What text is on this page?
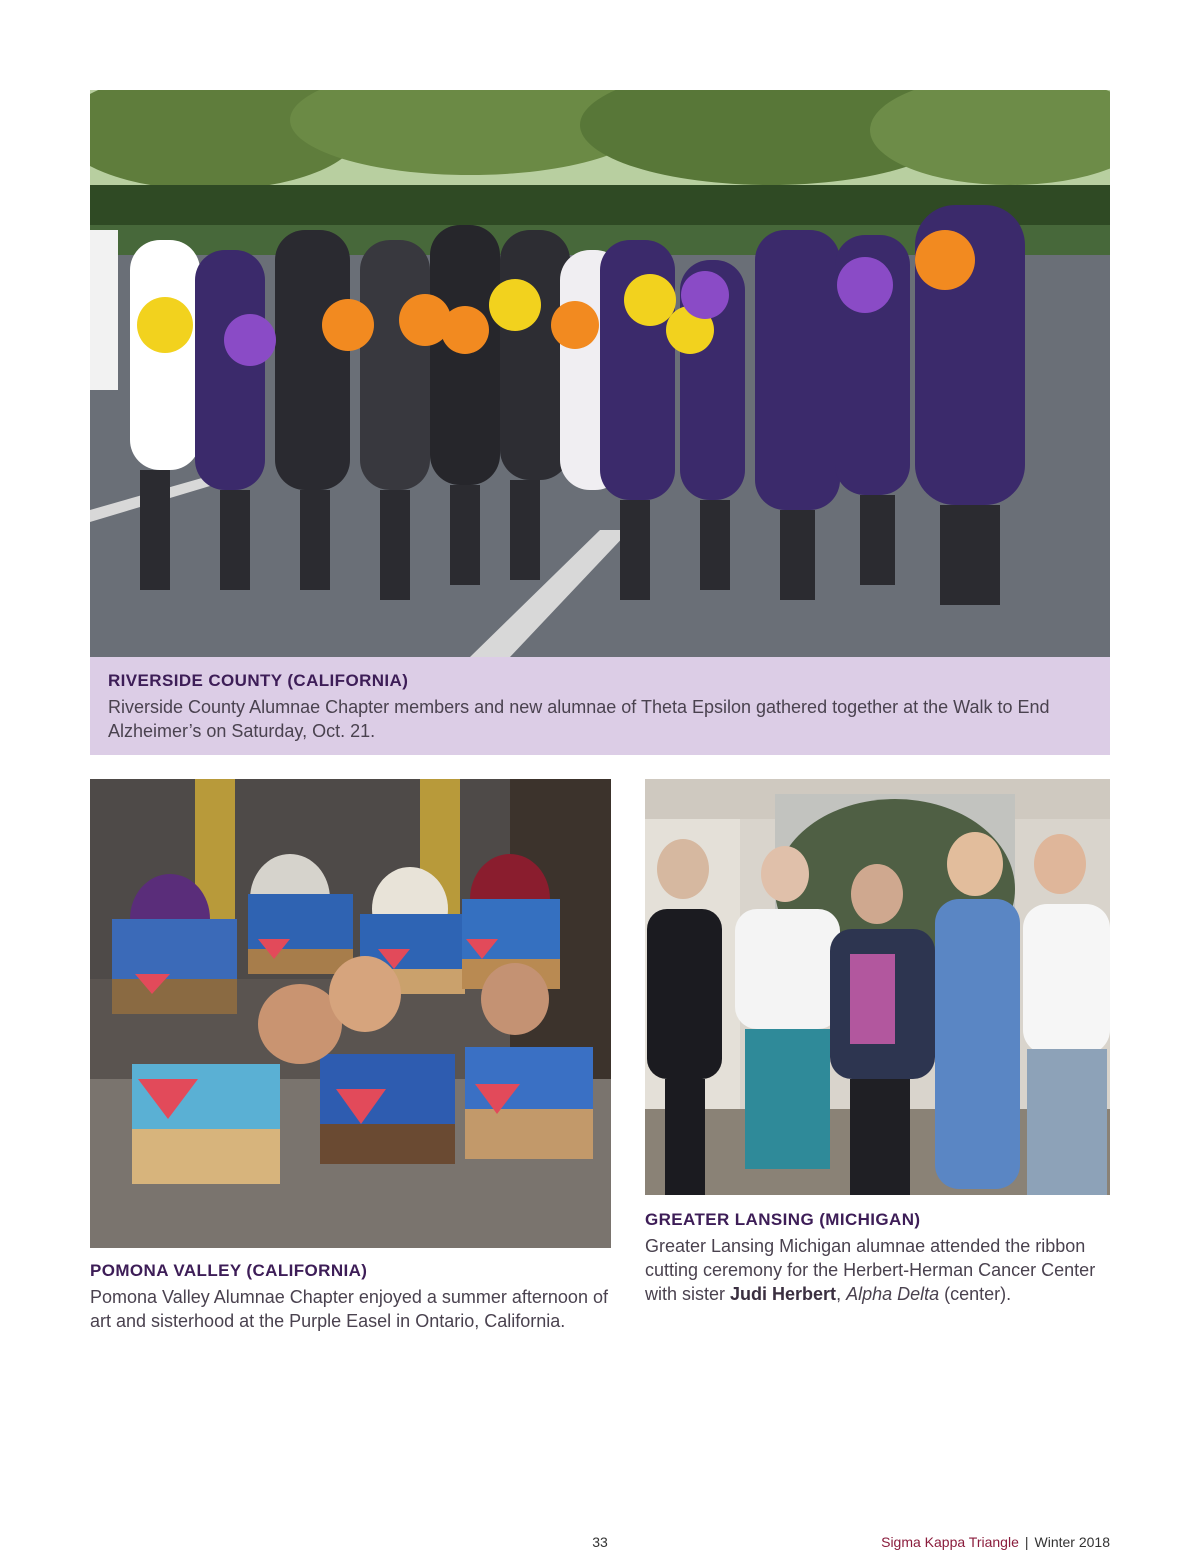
RIVERSIDE COUNTY (CALIFORNIA)
Riverside County Alumnae Chapter members and new alumnae of Theta Epsilon gathered together at the Walk to End Alzheimer’s on Saturday, Oct. 21.
POMONA VALLEY (CALIFORNIA)
Pomona Valley Alumnae Chapter enjoyed a summer afternoon of art and sisterhood at the Purple Easel in Ontario, California.
GREATER LANSING (MICHIGAN)
Greater Lansing Michigan alumnae attended the ribbon cutting ceremony for the Herbert-Herman Cancer Center with sister Judi Herbert, Alpha Delta (center).
33	Sigma Kappa Triangle | Winter 2018
